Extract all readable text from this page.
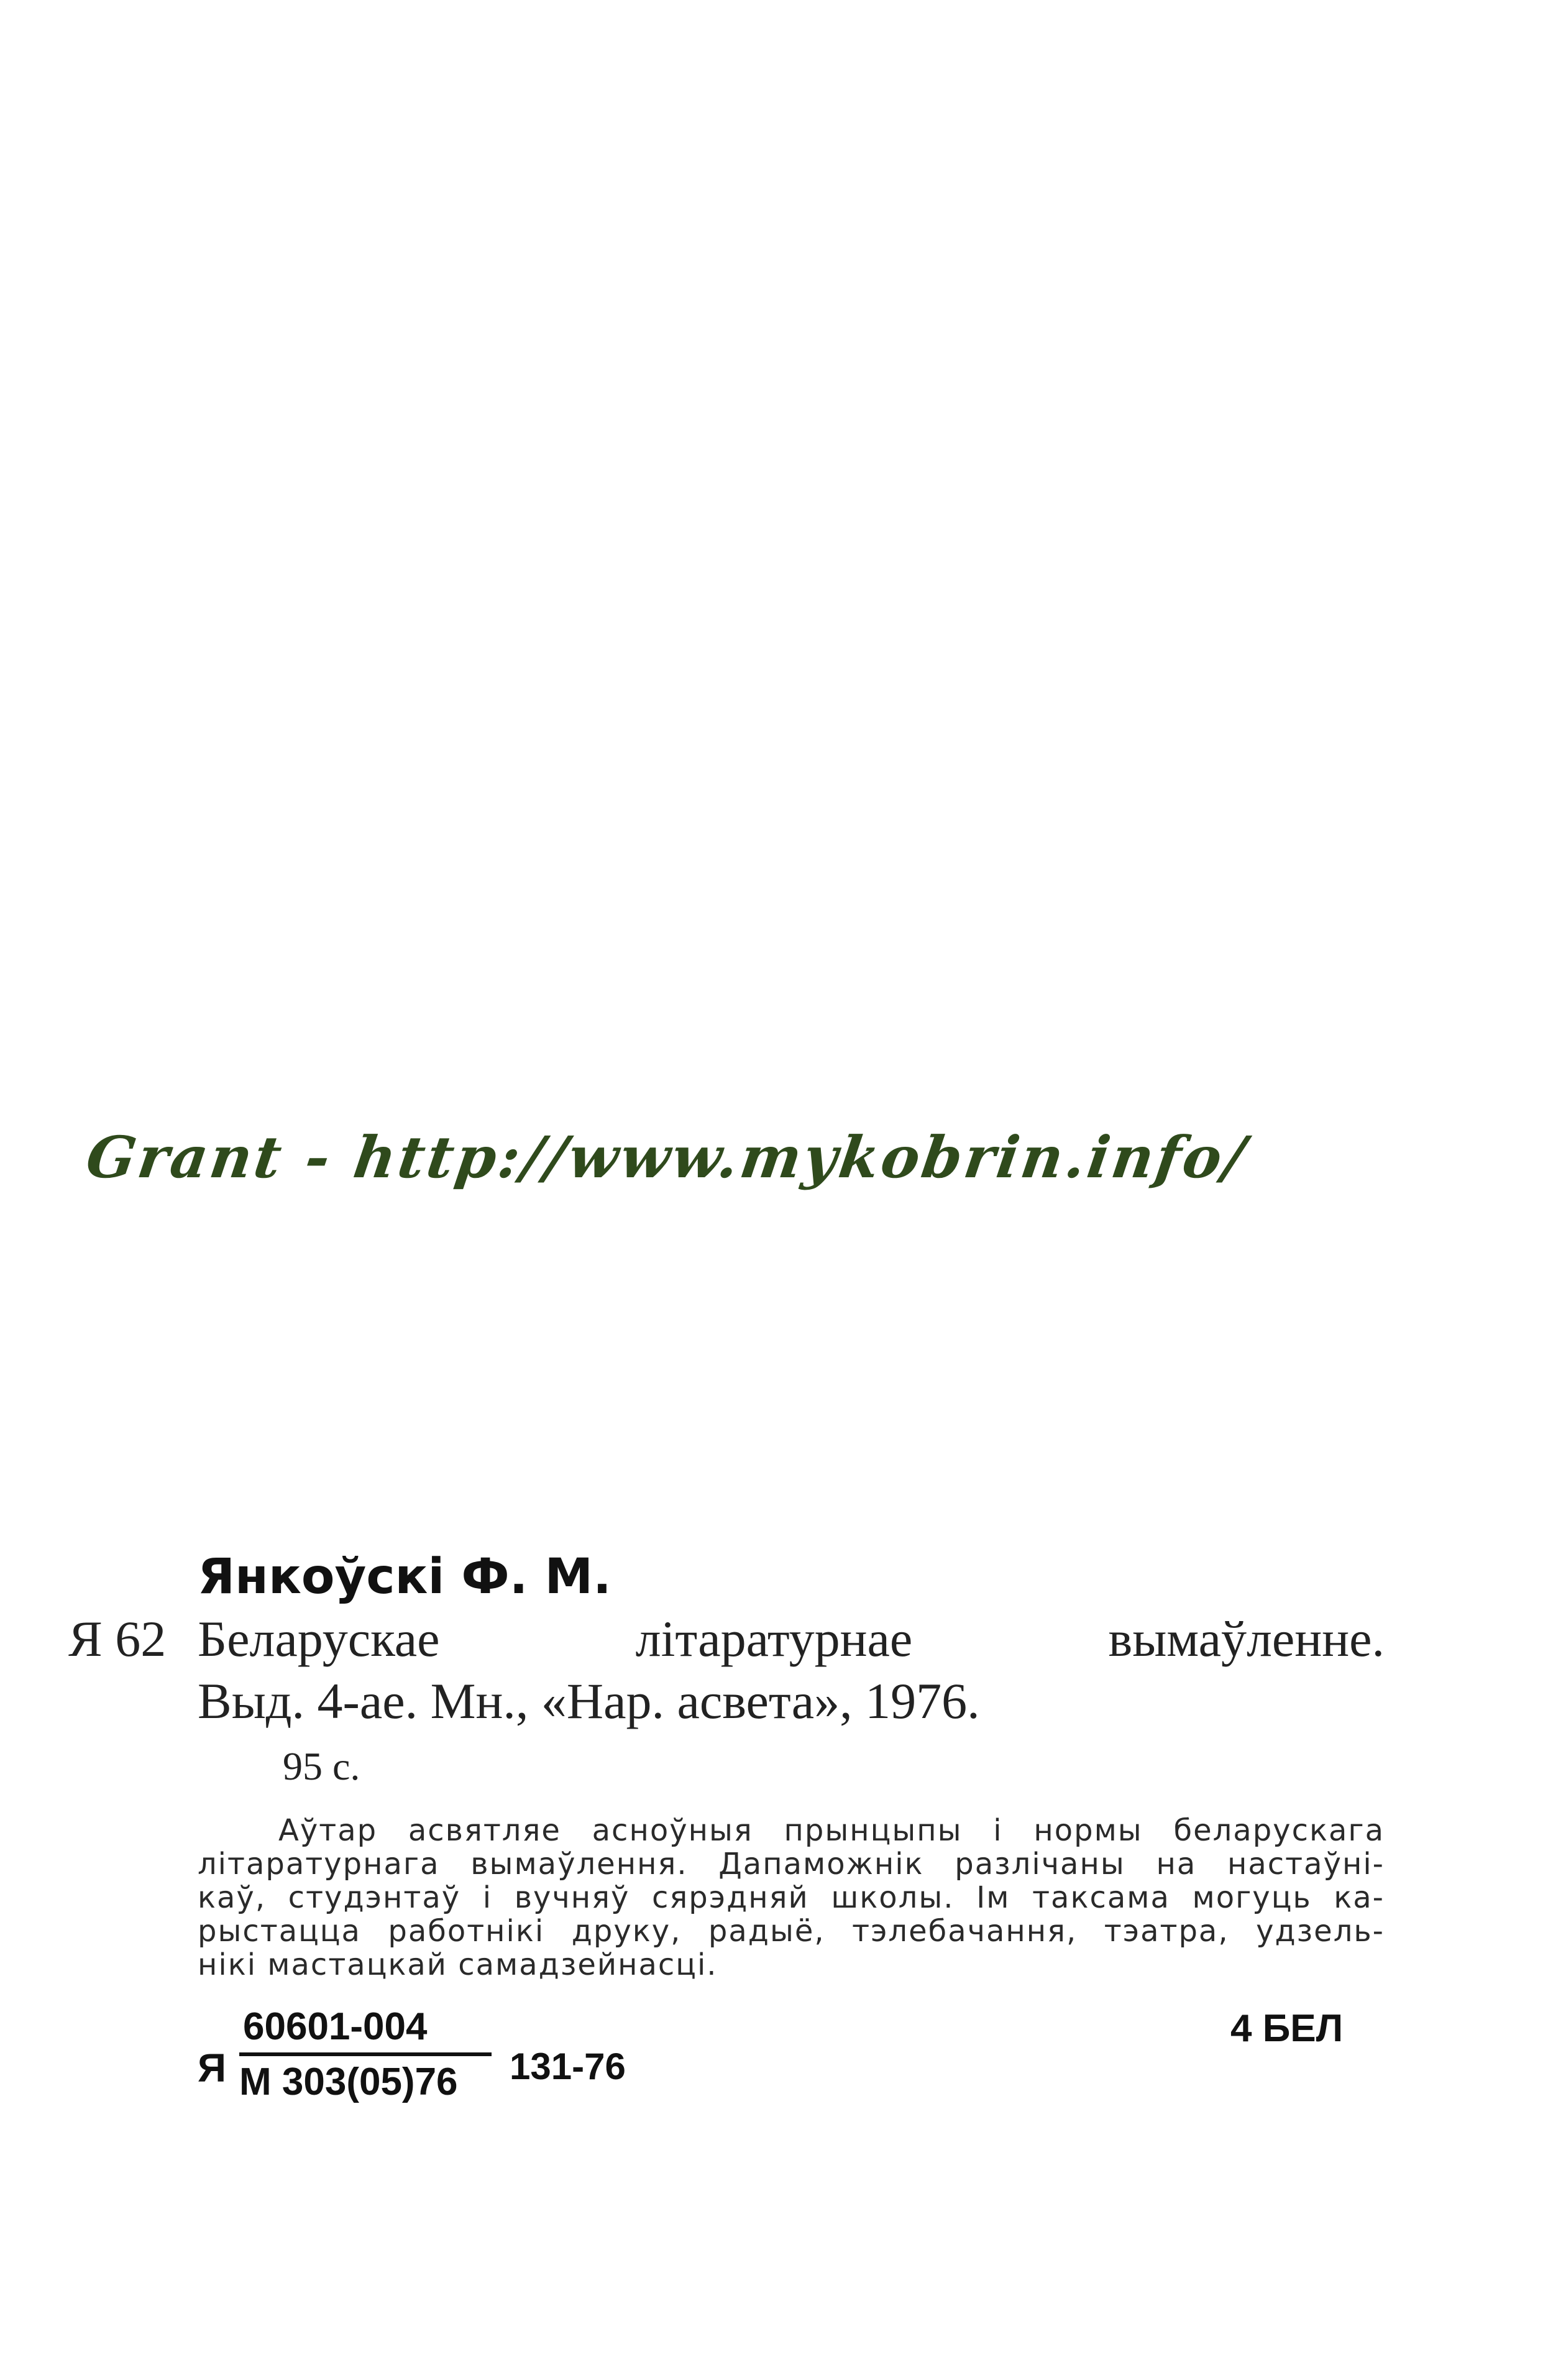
Grant - http://www.mykobrin.info/
Янкоўскі Ф. М.
Я 62 Беларускае літаратурнае вымаўленне.
Выд. 4-ае. Мн., «Нар. асвета», 1976.
95 с.
Аўтар асвятляе асноўныя прынцыпы і нормы беларускага
літаратурнага вымаўлення. Дапаможнік разлічаны на настаўні-
каў, студэнтаў і вучняў сярэдняй школы. Ім таксама могуць ка-
рыстацца работнікі друку, радыё, тэлебачання, тэатра, удзель-
нікі мастацкай самадзейнасці.
Я
60601-004
М 303(05)76	131-76
4 БЕЛ
